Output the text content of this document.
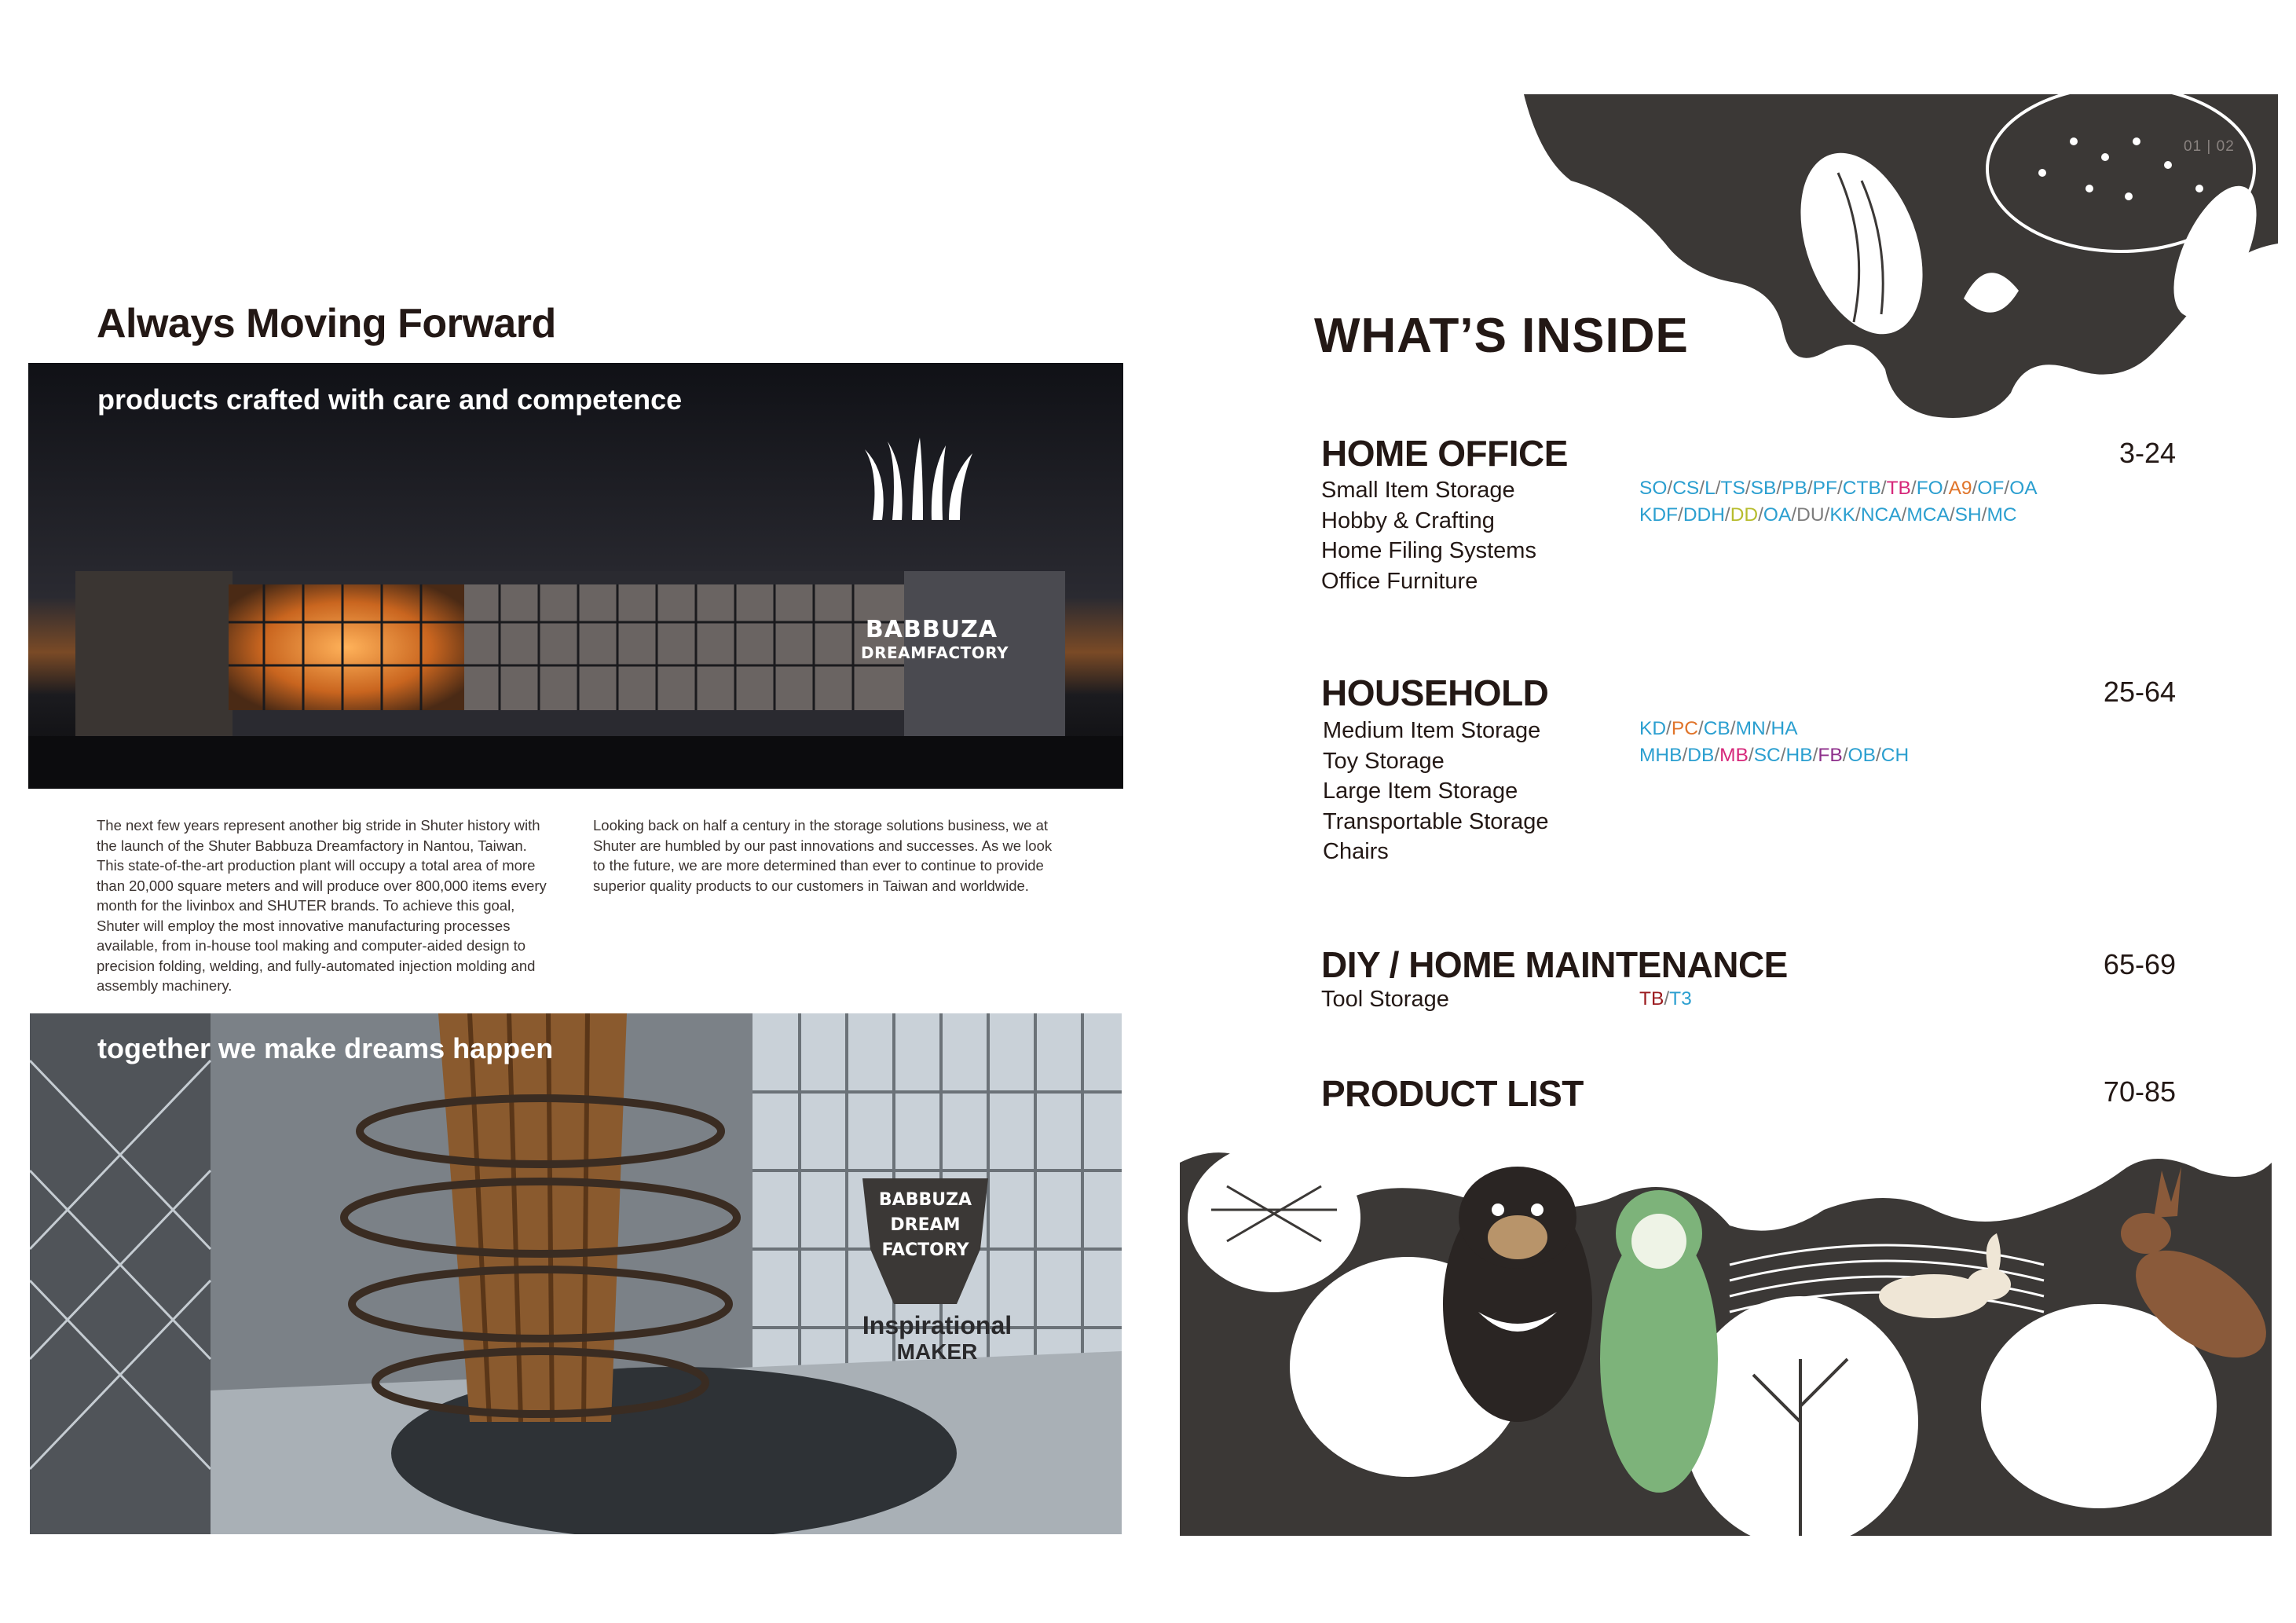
Always Moving Forward
products crafted with care and competence
BABBUZA
DREAMFACTORY
The next few years represent another big stride in Shuter history with the launch of the Shuter Babbuza Dreamfactory in Nantou, Taiwan. This state-of-the-art production plant will occupy a total area of more than 20,000 square meters and will produce over 800,000 items every month for the livinbox and SHUTER brands. To achieve this goal, Shuter will employ the most innovative manufacturing processes available, from in-house tool making and computer-aided design to precision folding, welding, and fully-automated injection molding and assembly machinery.
Looking back on half a century in the storage solutions business, we at Shuter are humbled by our past innovations and successes. As we look to the future, we are more determined than ever to continue to provide superior quality products to our customers in Taiwan and worldwide.
together we make dreams happen
BABBUZA
DREAM
FACTORY
Inspirational
MAKER
01 | 02
WHAT’S INSIDE
HOME OFFICE	3-24
Small Item Storage
Hobby & Crafting
Home Filing Systems
Office Furniture
SO/CS/L/TS/SB/PB/PF/CTB/TB/FO/A9/OF/OA
KDF/DDH/DD/OA/DU/KK/NCA/MCA/SH/MC
HOUSEHOLD	25-64
Medium Item Storage
Toy Storage
Large Item Storage
Transportable Storage
Chairs
KD/PC/CB/MN/HA
MHB/DB/MB/SC/HB/FB/OB/CH
DIY / HOME MAINTENANCE	65-69
Tool Storage	TB/T3
PRODUCT LIST	70-85
